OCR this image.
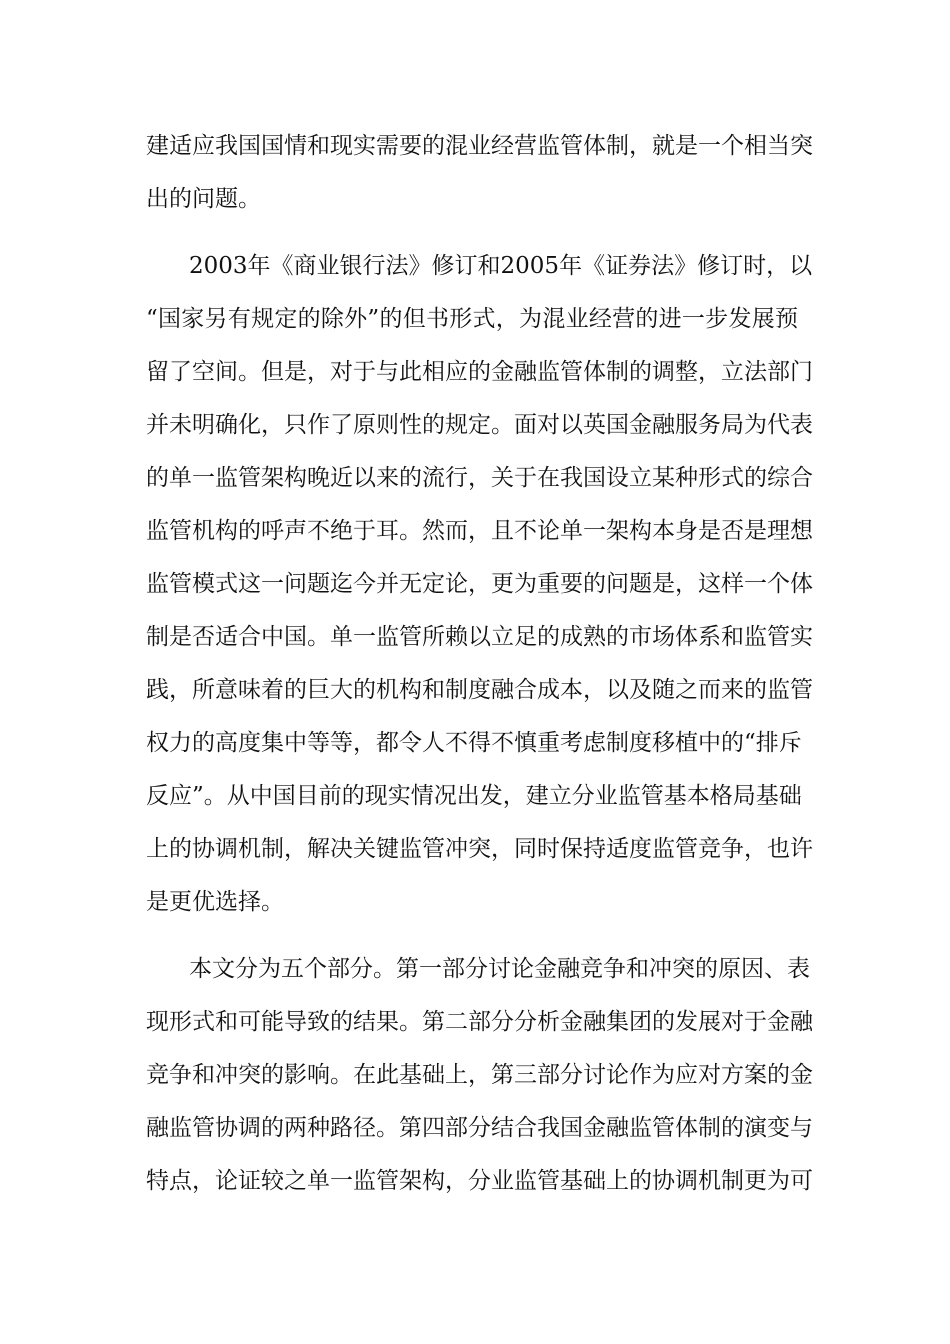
建适应我国国情和现实需要的混业经营监管体制，就是一个相当突
出的问题。
2003年《商业银行法》修订和2005年《证券法》修订时，以
“国家另有规定的除外”的但书形式，为混业经营的进一步发展预
留了空间。但是，对于与此相应的金融监管体制的调整，立法部门
并未明确化，只作了原则性的规定。面对以英国金融服务局为代表
的单一监管架构晚近以来的流行，关于在我国设立某种形式的综合
监管机构的呼声不绝于耳。然而，且不论单一架构本身是否是理想
监管模式这一问题迄今并无定论，更为重要的问题是，这样一个体
制是否适合中国。单一监管所赖以立足的成熟的市场体系和监管实
践，所意味着的巨大的机构和制度融合成本，以及随之而来的监管
权力的高度集中等等，都令人不得不慎重考虑制度移植中的“排斥
反应”。从中国目前的现实情况出发，建立分业监管基本格局基础
上的协调机制，解决关键监管冲突，同时保持适度监管竞争，也许
是更优选择。
本文分为五个部分。第一部分讨论金融竞争和冲突的原因、表
现形式和可能导致的结果。第二部分分析金融集团的发展对于金融
竞争和冲突的影响。在此基础上，第三部分讨论作为应对方案的金
融监管协调的两种路径。第四部分结合我国金融监管体制的演变与
特点，论证较之单一监管架构，分业监管基础上的协调机制更为可
